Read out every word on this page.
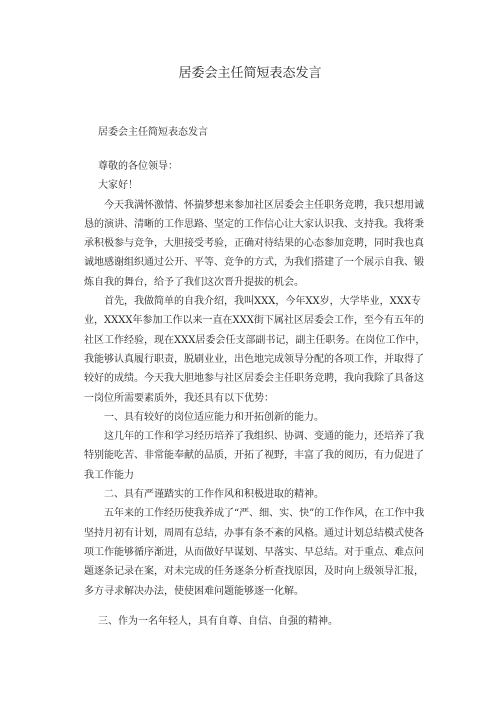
居委会主任简短表态发言
居委会主任简短表态发言

尊敬的各位领导：

大家好！

今天我满怀激情、怀揣梦想来参加社区居委会主任职务竞聘，我只想用诚恳的演讲、清晰的工作思路、坚定的工作信心让大家认识我、支持我。我将秉承积极参与竞争，大胆接受考验，正确对待结果的心态参加竞聘，同时我也真诚地感谢组织通过公开、平等、竞争的方式，为我们搭建了一个展示自我、锻炼自我的舞台，给予了我们这次晋升提拔的机会。

首先，我做简单的自我介绍，我叫XXX，今年XX岁，大学毕业，XXX专业，XXXX年参加工作以来一直在XXX街下属社区居委会工作，至今有五年的社区工作经验，现在XXX居委会任支部副书记，副主任职务。在岗位工作中，我能够认真履行职责，脱刷业业，出色地完成领导分配的各项工作，并取得了较好的成绩。今天我大胆地参与社区居委会主任职务竞聘，我向我除了具备这一岗位所需要素质外，我还具有以下优势：

一、具有较好的岗位适应能力和开拓创新的能力。

这几年的工作和学习经历培养了我组织、协调、变通的能力，还培养了我特别能吃苦、非常能奉献的品质，开拓了视野，丰富了我的阅历，有力促进了我工作能力

二、具有严谨踏实的工作作风和积极进取的精神。

五年来的工作经历使我养成了“严、细、实、快”的工作作风，在工作中我坚持月初有计划，周周有总结，办事有条不紊的风格。通过计划总结模式使各项工作能够循序渐进，从而做好早谋划、早落实、早总结。对于重点、难点问题逐条记录在案，对未完成的任务逐条分析查找原因，及时向上级领导汇报，多方寻求解决办法，使使困难问题能够逐一化解。

三、作为一名年轻人，具有自尊、自信、自强的精神。
